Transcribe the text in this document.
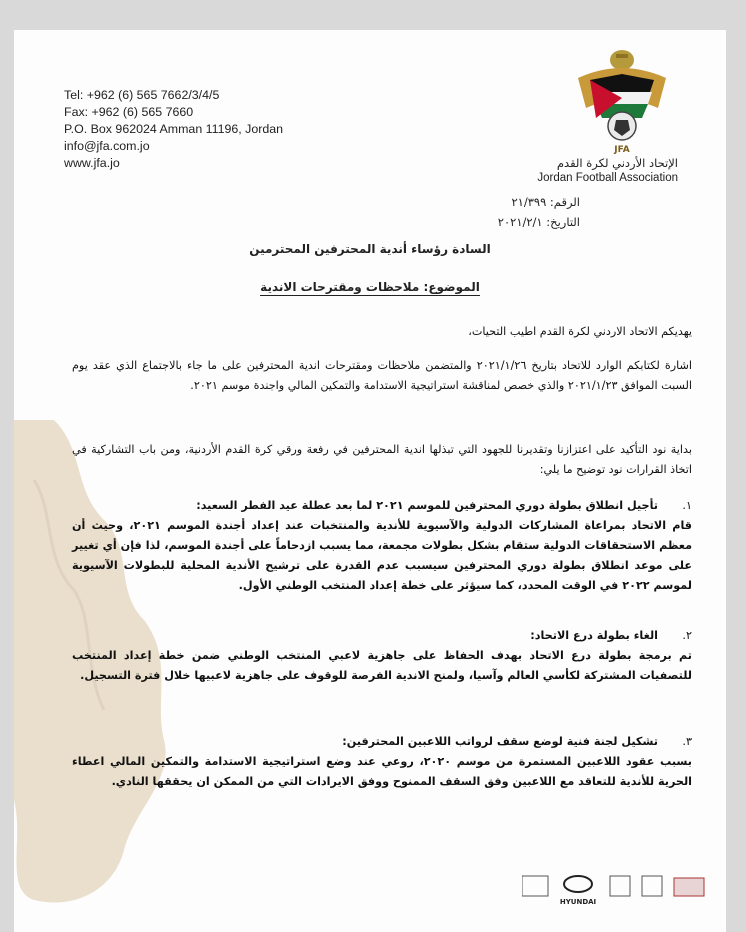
Tel: +962 (6) 565 7662/3/4/5
Fax: +962 (6) 565 7660
P.O. Box 962024 Amman 11196, Jordan
info@jfa.com.jo
www.jfa.jo
JFA
الإتحاد الأردني لكرة القدم
Jordan Football Association
الرقم: ٢١/٣٩٩
التاريخ: ٢٠٢١/٢/١
السادة رؤساء أندية المحترفين المحترمين
الموضوع: ملاحظات ومقترحات الاندية
يهديكم الاتحاد الاردني لكرة القدم اطيب التحيات،
اشارة لكتابكم الوارد للاتحاد بتاريخ ٢٠٢١/١/٢٦ والمتضمن ملاحظات ومقترحات اندية المحترفين على ما جاء بالاجتماع الذي عقد يوم السبت الموافق ٢٠٢١/١/٢٣ والذي خصص لمناقشة استراتيجية الاستدامة والتمكين المالي واجندة موسم ٢٠٢١.
بداية نود التأكيد على اعتزازنا وتقديرنا للجهود التي تبذلها اندية المحترفين في رفعة ورقي كرة القدم الأردنية، ومن باب التشاركية في اتخاذ القرارات نود توضيح ما يلي:
١.
تأجيل انطلاق بطولة دوري المحترفين للموسم ٢٠٢١ لما بعد عطلة عيد الفطر السعيد:
قام الاتحاد بمراعاة المشاركات الدولية والآسيوية للأندية والمنتخبات عند إعداد أجندة الموسم ٢٠٢١، وحيث أن معظم الاستحقاقات الدولية ستقام بشكل بطولات مجمعة، مما يسبب ازدحاماً على أجندة الموسم، لذا فإن أي تغيير على موعد انطلاق بطولة دوري المحترفين سيسبب عدم القدرة على ترشيح الأندية المحلية للبطولات الآسيوية لموسم ٢٠٢٢ في الوقت المحدد، كما سيؤثر على خطة إعداد المنتخب الوطني الأول.
٢.
الغاء بطولة درع الاتحاد:
تم برمجة بطولة درع الاتحاد بهدف الحفاظ على جاهزية لاعبي المنتخب الوطني ضمن خطة إعداد المنتخب للتصفيات المشتركة لكأسي العالم وآسيا، ولمنح الاندية الفرصة للوقوف على جاهزية لاعبيها خلال فترة التسجيل.
٣.
تشكيل لجنة فنية لوضع سقف لرواتب اللاعبين المحترفين:
بسبب عقود اللاعبين المستمرة من موسم ٢٠٢٠، روعي عند وضع استراتيجية الاستدامة والتمكين المالي اعطاء الحرية للأندية للتعاقد مع اللاعبين وفق السقف الممنوح ووفق الايرادات التي من الممكن ان يحققها النادي.
HYUNDAI
